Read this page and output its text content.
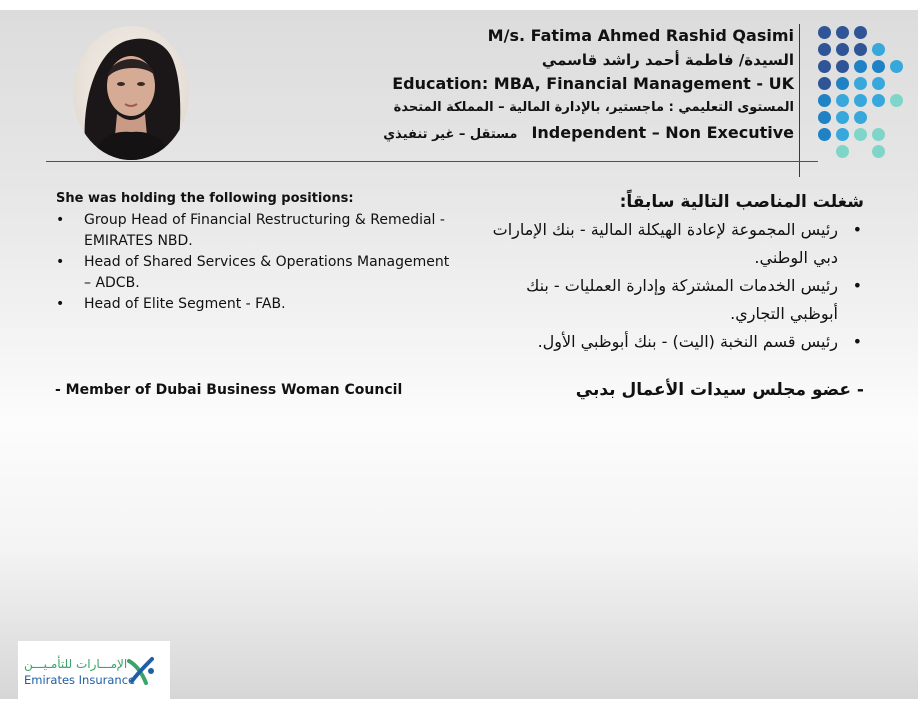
M/s. Fatima Ahmed Rashid Qasimi
السيدة/ فاطمة أحمد راشد قاسمي
Education: MBA, Financial Management - UK
المستوى التعليمي : ماجستير، بالإدارة المالية – المملكة المتحدة
مستقل – غير تنفيذي Independent – Non Executive
She was holding the following positions:
• Group Head of Financial Restructuring & Remedial - EMIRATES NBD.
• Head of Shared Services & Operations Management – ADCB.
• Head of Elite Segment - FAB.
- Member of Dubai Business Woman Council
شغلت المناصب التالية سابقاً:
•
رئيس المجموعة لإعادة الهيكلة المالية - بنك الإمارات دبي الوطني.
•
رئيس الخدمات المشتركة وإدارة العمليات - بنك أبوظبي التجاري.
•
رئيس قسم النخبة (اليت) - بنك أبوظبي الأول.
- عضو مجلس سيدات الأعمال بدبي
الإمـــارات للتأمـيـــن
Emirates Insurance
